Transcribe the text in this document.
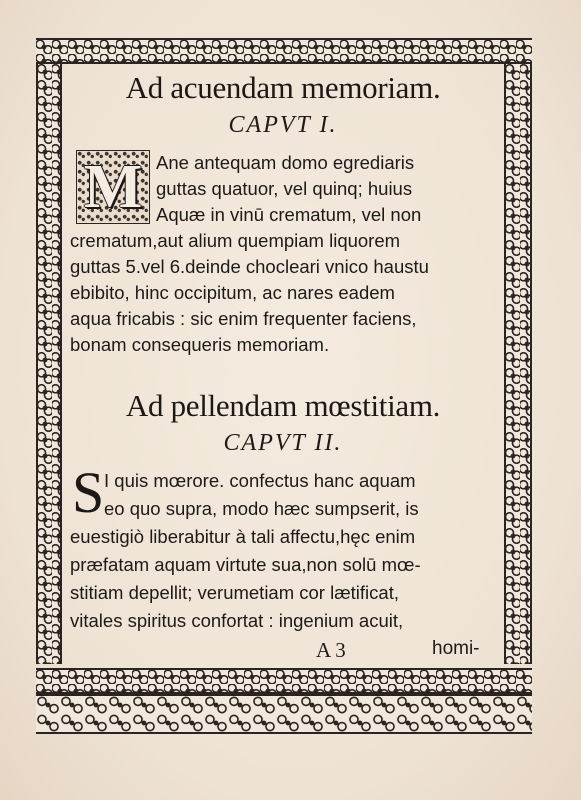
Ad acuendam memoriam.
CAPVT I.
M Ane antequam domo egrediaris
guttas quatuor, vel quinq; huius
Aquæ in vinū crematum, vel non
crematum,aut alium quempiam liquorem
guttas 5.vel 6.deinde chocleari vnico haustu
ebibito, hinc occipitum, ac nares eadem
aqua fricabis : sic enim frequenter faciens,
bonam consequeris memoriam.
Ad pellendam mœstitiam.
CAPVT II.
S I quis mœrore. confectus hanc aquam
eo quo supra, modo hæc sumpserit, is
euestigiò liberabitur à tali affectu,hęc enim
præfatam aquam virtute sua,non solū mœ-
stitiam depellit; verumetiam cor lætificat,
vitales spiritus confortat : ingenium acuit,
A 3	homi-
